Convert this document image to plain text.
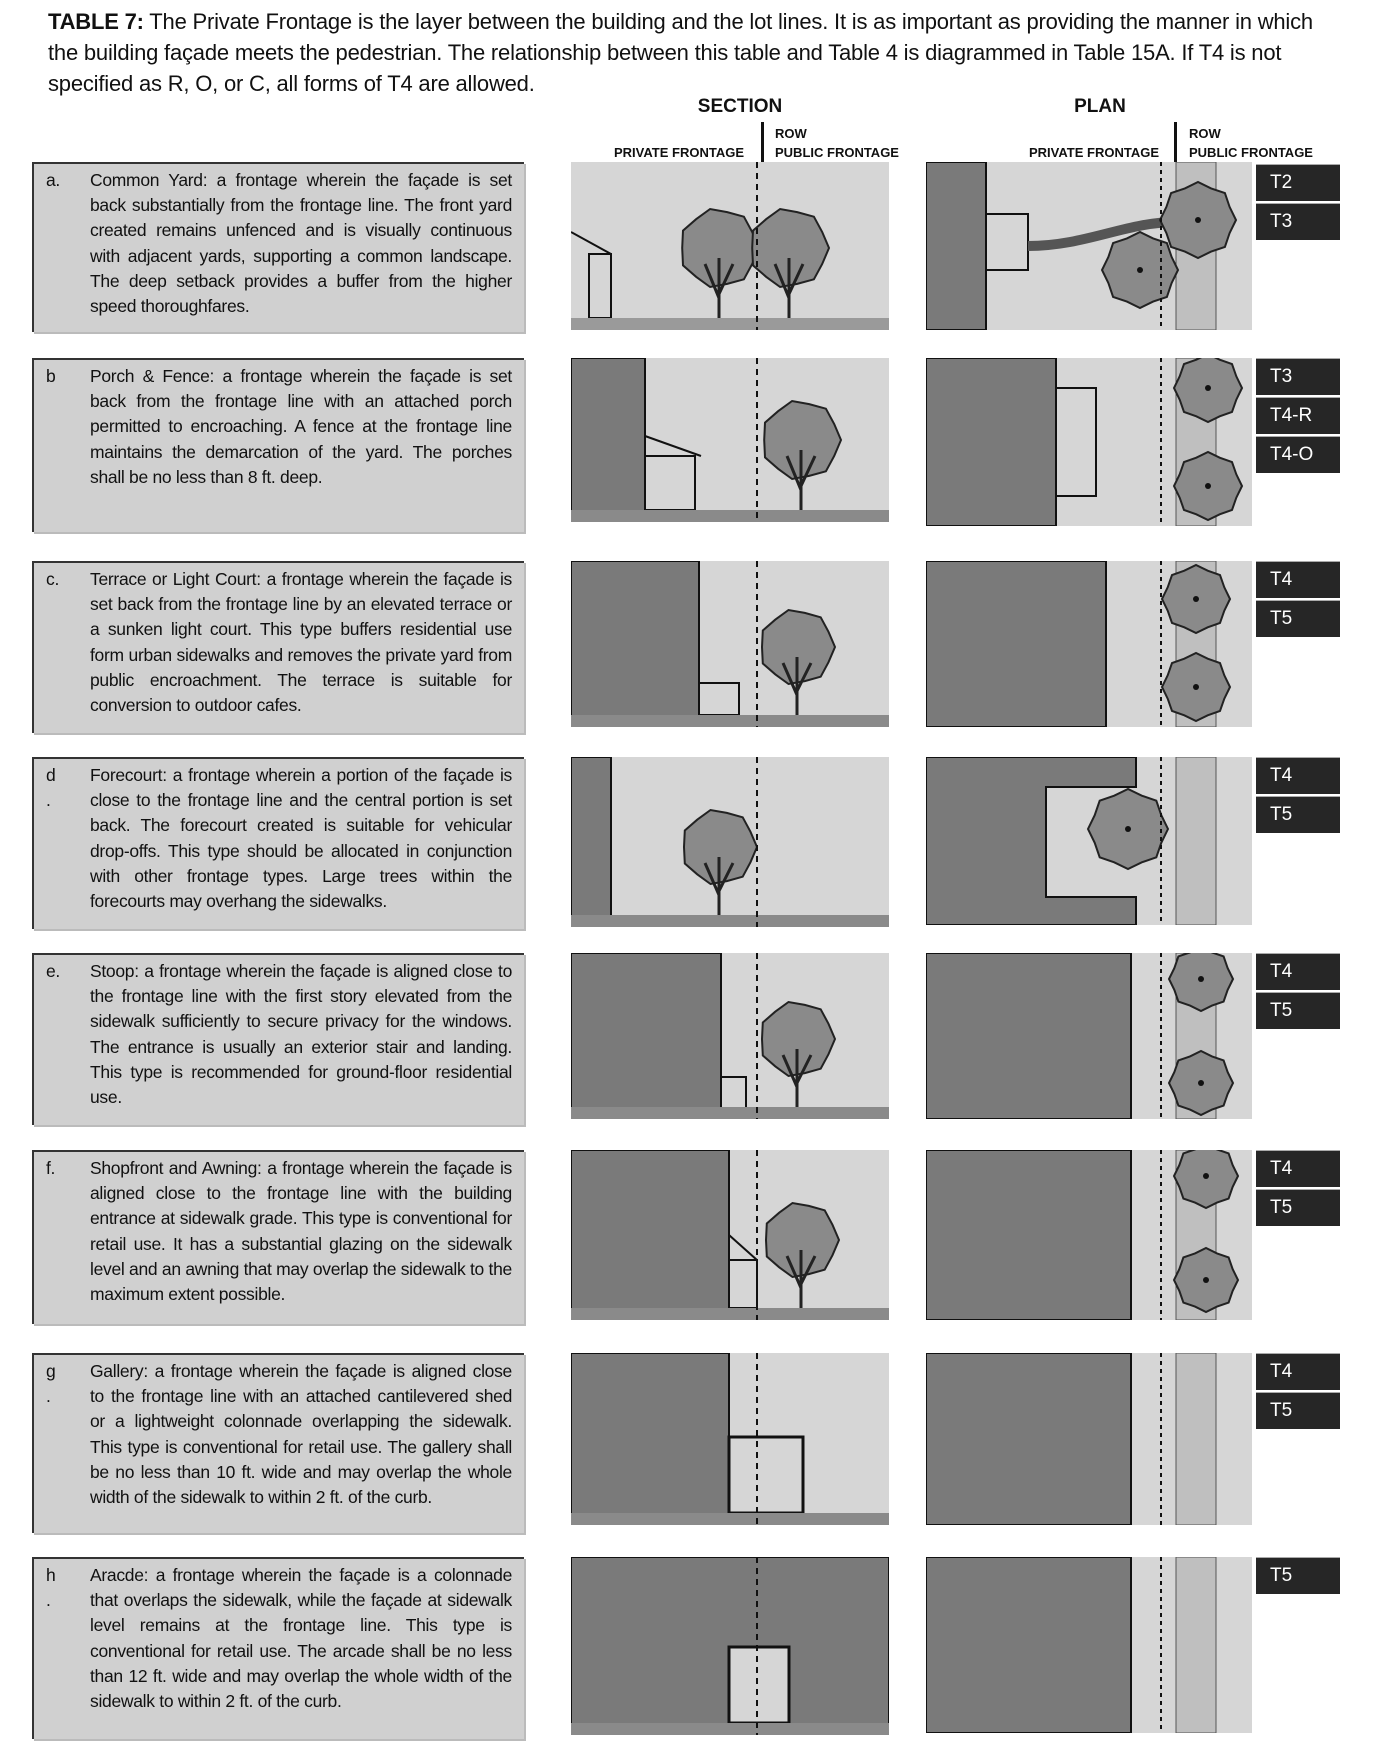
TABLE 7: The Private Frontage is the layer between the building and the lot lines. It is as important as providing the manner in which the building façade meets the pedestrian. The relationship between this table and Table 4 is diagrammed in Table 15A. If T4 is not specified as R, O, or C, all forms of T4 are allowed.
SECTION	PLAN
PRIVATE FRONTAGE
ROW
PUBLIC FRONTAGE	PRIVATE FRONTAGE
ROW
PUBLIC FRONTAGE
a. Common Yard: a frontage wherein the façade is set back substantially from the frontage line. The front yard created remains unfenced and is visually continuous with adjacent yards, supporting a common landscape. The deep setback provides a buffer from the higher speed thoroughfares.
T2
T3
b Porch & Fence: a frontage wherein the façade is set back from the frontage line with an attached porch permitted to encroaching. A fence at the frontage line maintains the demarcation of the yard. The porches shall be no less than 8 ft. deep.
T3
T4-R
T4-O
c. Terrace or Light Court: a frontage wherein the façade is set back from the frontage line by an elevated terrace or a sunken light court. This type buffers residential use form urban sidewalks and removes the private yard from public encroachment. The terrace is suitable for conversion to outdoor cafes.
T4
T5
d
.
Forecourt: a frontage wherein a portion of the façade is close to the frontage line and the central portion is set back. The forecourt created is suitable for vehicular drop-offs. This type should be allocated in conjunction with other frontage types. Large trees within the forecourts may overhang the sidewalks.
T4
T5
e. Stoop: a frontage wherein the façade is aligned close to the frontage line with the first story elevated from the sidewalk sufficiently to secure privacy for the windows. The entrance is usually an exterior stair and landing. This type is recommended for ground-floor residential use.
T4
T5
f. Shopfront and Awning: a frontage wherein the façade is aligned close to the frontage line with the building entrance at sidewalk grade. This type is conventional for retail use. It has a substantial glazing on the sidewalk level and an awning that may overlap the sidewalk to the maximum extent possible.
T4
T5
g
.
Gallery: a frontage wherein the façade is aligned close to the frontage line with an attached cantilevered shed or a lightweight colonnade overlapping the sidewalk. This type is conventional for retail use. The gallery shall be no less than 10 ft. wide and may overlap the whole width of the sidewalk to within 2 ft. of the curb.
T4
T5
h
.
Aracde: a frontage wherein the façade is a colonnade that overlaps the sidewalk, while the façade at sidewalk level remains at the frontage line. This type is conventional for retail use. The arcade shall be no less than 12 ft. wide and may overlap the whole width of the sidewalk to within 2 ft. of the curb.
T5
